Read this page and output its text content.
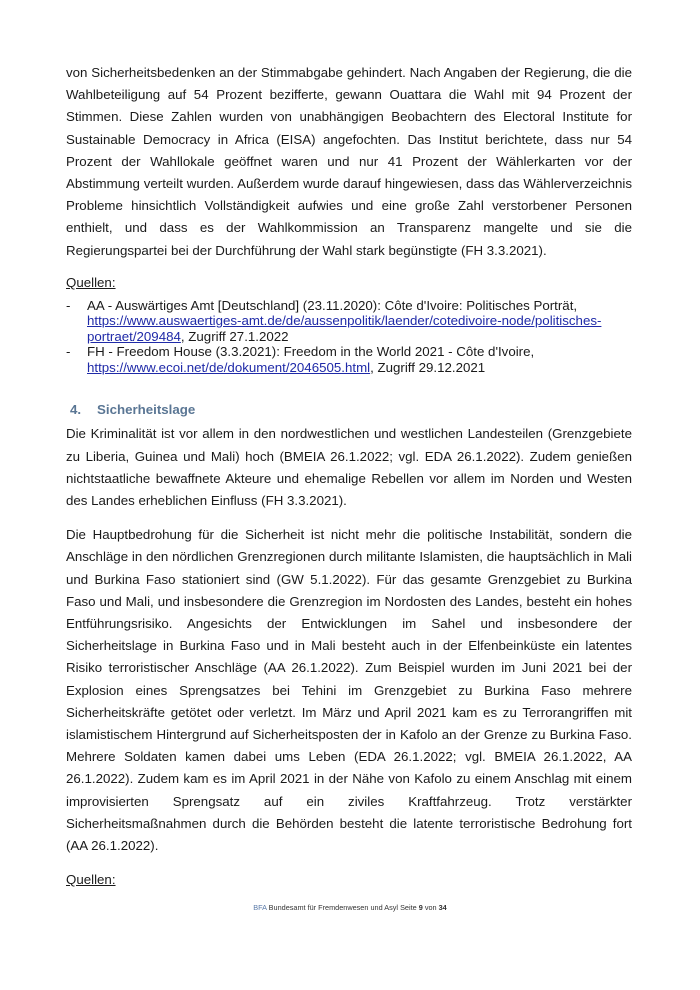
von Sicherheitsbedenken an der Stimmabgabe gehindert. Nach Angaben der Regierung, die die Wahlbeteiligung auf 54 Prozent bezifferte, gewann Ouattara die Wahl mit 94 Prozent der Stimmen. Diese Zahlen wurden von unabhängigen Beobachtern des Electoral Institute for Sustainable Democracy in Africa (EISA) angefochten. Das Institut berichtete, dass nur 54 Prozent der Wahllokale geöffnet waren und nur 41 Prozent der Wählerkarten vor der Abstimmung verteilt wurden. Außerdem wurde darauf hingewiesen, dass das Wählerverzeichnis Probleme hinsichtlich Vollständigkeit aufwies und eine große Zahl verstorbener Personen enthielt, und dass es der Wahlkommission an Transparenz mangelte und sie die Regierungspartei bei der Durchführung der Wahl stark begünstigte (FH 3.3.2021).

Quellen:
- AA - Auswärtiges Amt [Deutschland] (23.11.2020): Côte d'Ivoire: Politisches Porträt, https://www.auswaertiges-amt.de/de/aussenpolitik/laender/cotedivoire-node/politisches-portraet/209484, Zugriff 27.1.2022
- FH - Freedom House (3.3.2021): Freedom in the World 2021 - Côte d'Ivoire, https://www.ecoi.net/de/dokument/2046505.html, Zugriff 29.12.2021
4. Sicherheitslage

Die Kriminalität ist vor allem in den nordwestlichen und westlichen Landesteilen (Grenzgebiete zu Liberia, Guinea und Mali) hoch (BMEIA 26.1.2022; vgl. EDA 26.1.2022). Zudem genießen nichtstaatliche bewaffnete Akteure und ehemalige Rebellen vor allem im Norden und Westen des Landes erheblichen Einfluss (FH 3.3.2021).

Die Hauptbedrohung für die Sicherheit ist nicht mehr die politische Instabilität, sondern die Anschläge in den nördlichen Grenzregionen durch militante Islamisten, die hauptsächlich in Mali und Burkina Faso stationiert sind (GW 5.1.2022). Für das gesamte Grenzgebiet zu Burkina Faso und Mali, und insbesondere die Grenzregion im Nordosten des Landes, besteht ein hohes Entführungsrisiko. Angesichts der Entwicklungen im Sahel und insbesondere der Sicherheitslage in Burkina Faso und in Mali besteht auch in der Elfenbeinküste ein latentes Risiko terroristischer Anschläge (AA 26.1.2022). Zum Beispiel wurden im Juni 2021 bei der Explosion eines Sprengsatzes bei Tehini im Grenzgebiet zu Burkina Faso mehrere Sicherheitskräfte getötet oder verletzt. Im März und April 2021 kam es zu Terrorangriffen mit islamistischem Hintergrund auf Sicherheitsposten der in Kafolo an der Grenze zu Burkina Faso. Mehrere Soldaten kamen dabei ums Leben (EDA 26.1.2022; vgl. BMEIA 26.1.2022, AA 26.1.2022). Zudem kam es im April 2021 in der Nähe von Kafolo zu einem Anschlag mit einem improvisierten Sprengsatz auf ein ziviles Kraftfahrzeug. Trotz verstärkter Sicherheitsmaßnahmen durch die Behörden besteht die latente terroristische Bedrohung fort (AA 26.1.2022).

Quellen:
BFA Bundesamt für Fremdenwesen und Asyl Seite 9 von 34
